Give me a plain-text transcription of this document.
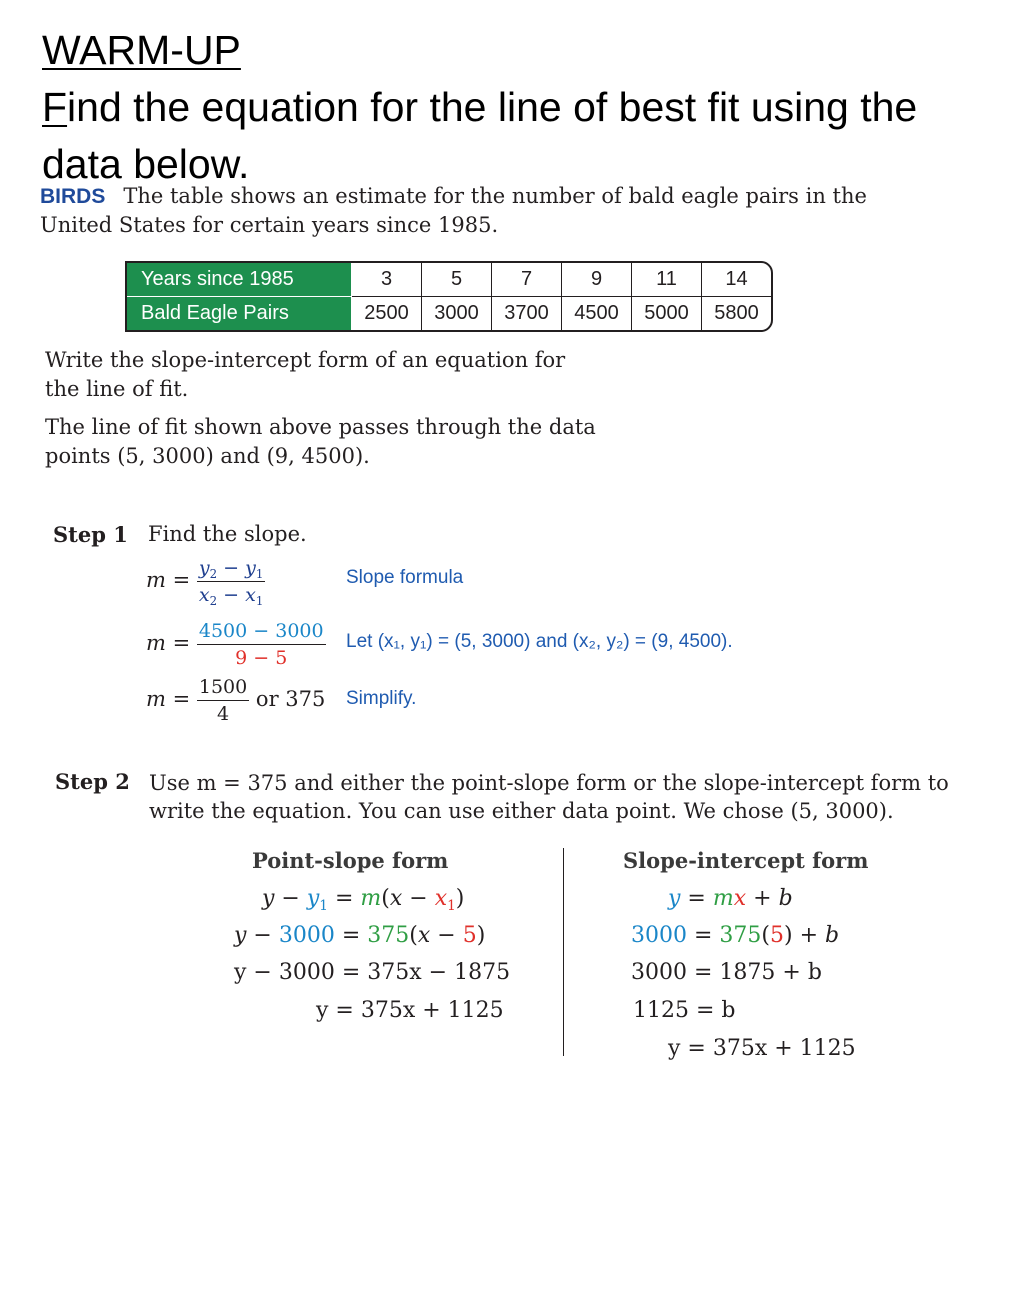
WARM-UP
Find the equation for the line of best fit using the data below.
BIRDS The table shows an estimate for the number of bald eagle pairs in the United States for certain years since 1985.
Years since 1985	3	5	7	9	11	14
Bald Eagle Pairs	2500	3000	3700	4500	5000	5800
Write the slope-intercept form of an equation for the line of fit.
The line of fit shown above passes through the data points (5, 3000) and (9, 4500).
Step 1 Find the slope.
$m = \frac{y_2 - y_1}{x_2 - x_1}$	Slope formula
$m = \frac{4500 - 3000}{9 - 5}$ Let (x₁, y₁) = (5, 3000) and (x₂, y₂) = (9, 4500).
$m = \frac{1500}{4}$ or 375 Simplify.
Step 2 Use m = 375 and either the point-slope form or the slope-intercept form to write the equation. You can use either data point. We chose (5, 3000).
Point-slope form
$y - y_1 = m(x - x_1)$
y − 3000 = 375(x − 5)
y − 3000 = 375x − 1875
y = 375x + 1125
Slope-intercept form
y = mx + b
3000 = 375(5) + b
3000 = 1875 + b
1125 = b
y = 375x + 1125
